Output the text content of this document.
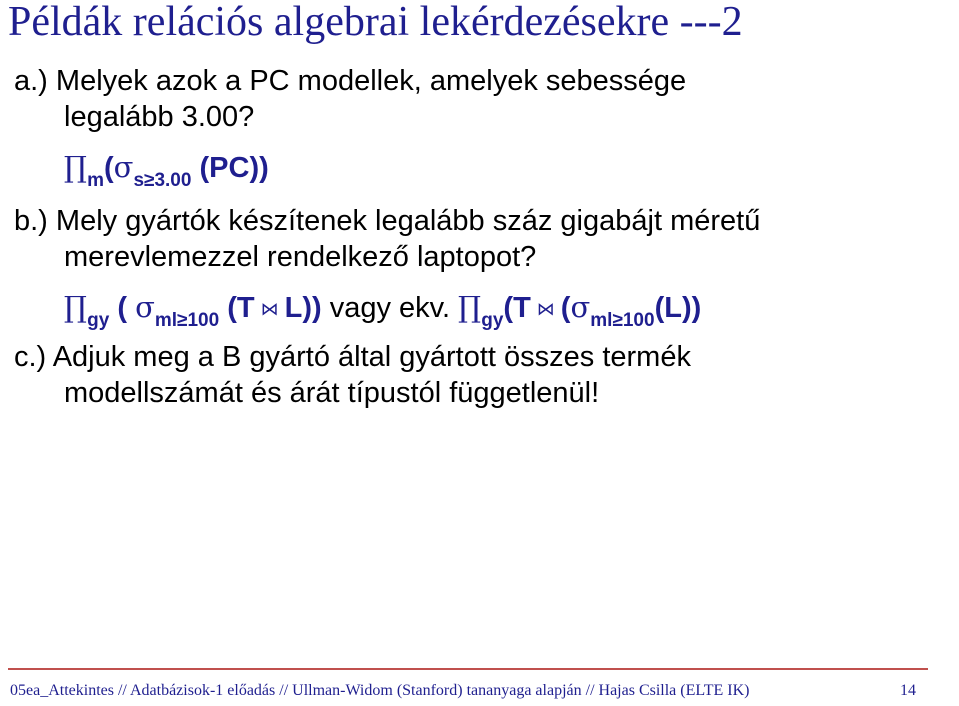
Példák relációs algebrai lekérdezésekre ---2
a.) Melyek azok a PC modellek, amelyek sebessége
legalább 3.00?
$\prod_m(\sigma_{s\ge 3.00}$ (PC))
b.) Mely gyártók készítenek legalább száz gigabájt méretű
merevlemezzel rendelkező laptopot?
$\prod_{gy}$ ( $\sigma_{ml\ge 100}$ (T ⋈ L)) vagy ekv. $\prod_{gy}(T$ ⋈ $(\sigma_{ml\ge 100}(L))$
c.) Adjuk meg a B gyártó által gyártott összes termék
modellszámát és árát típustól függetlenül!
05ea_Attekintes // Adatbázisok-1 előadás // Ullman-Widom (Stanford) tananyaga alapján // Hajas Csilla (ELTE IK)	14
